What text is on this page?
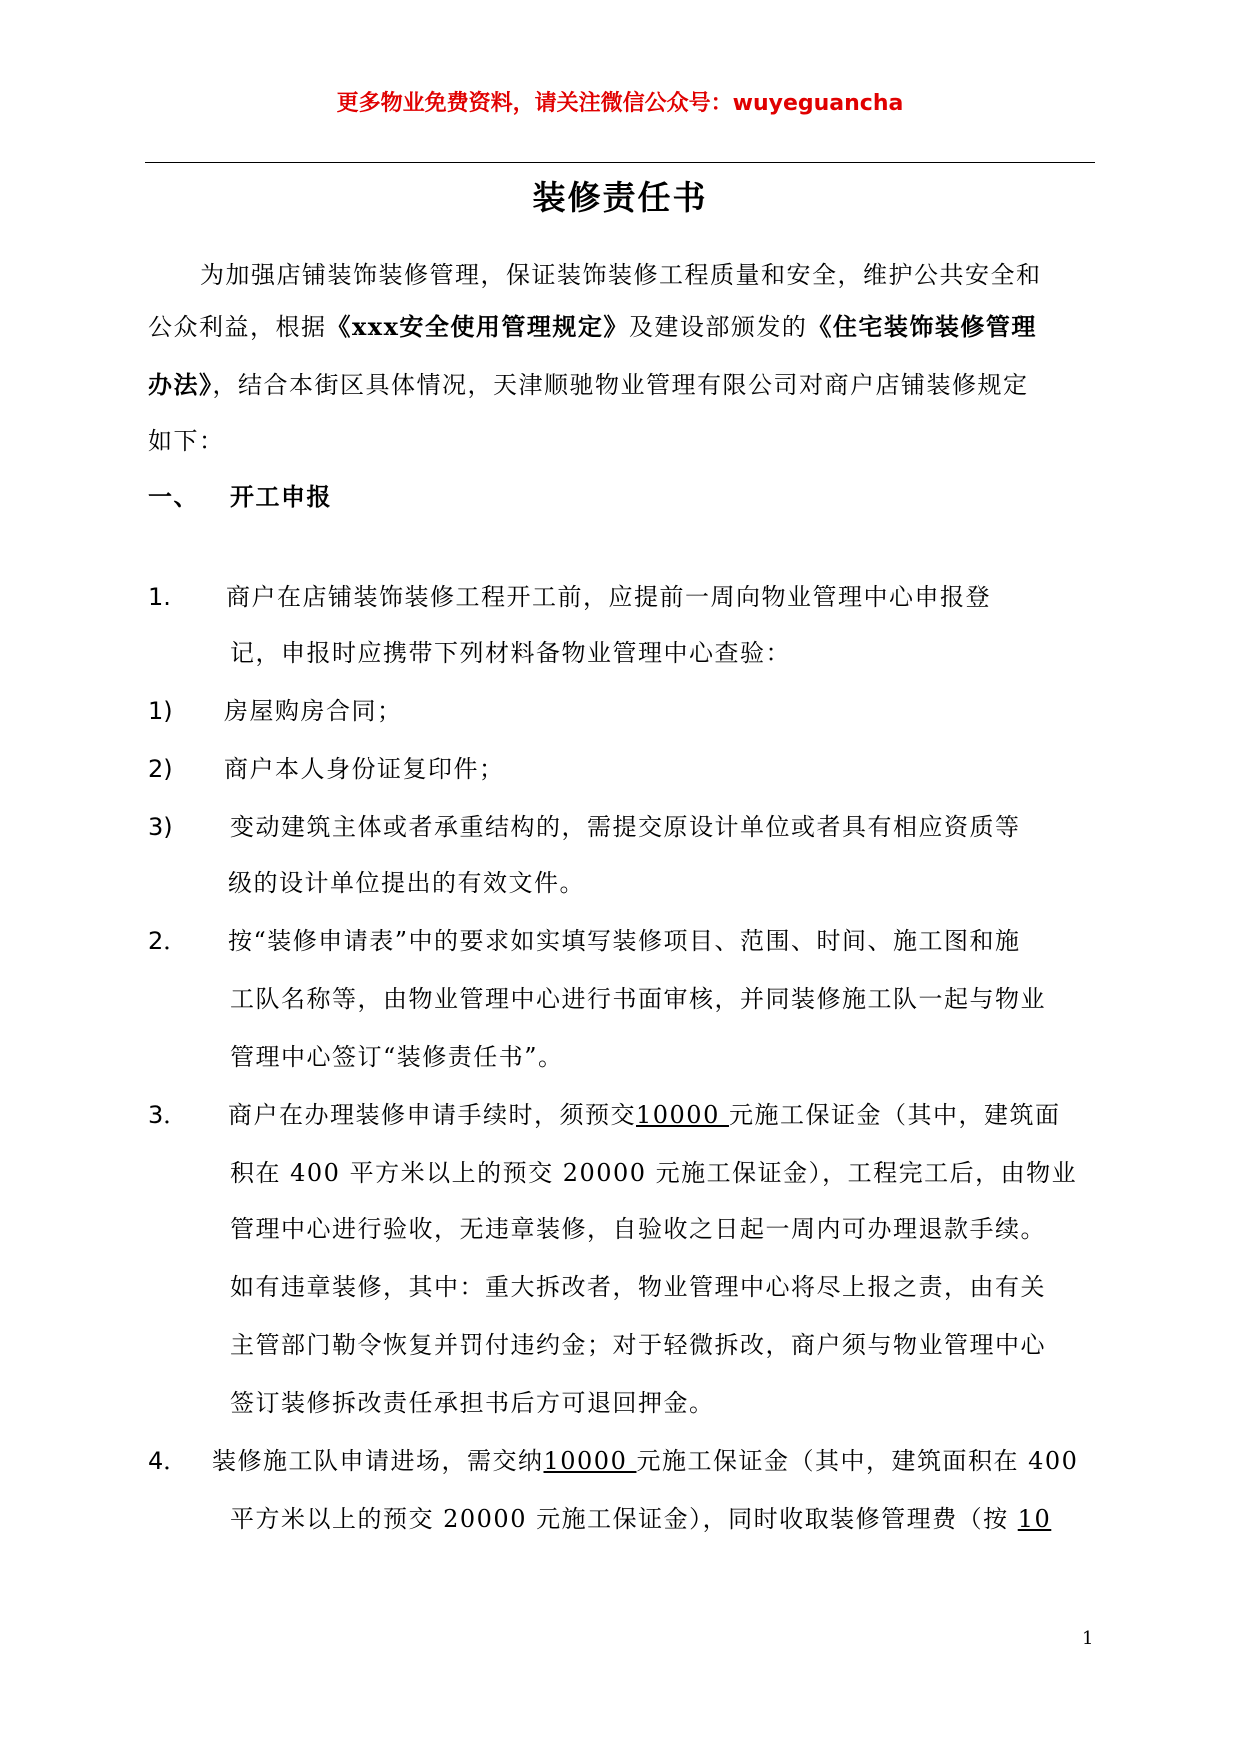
更多物业免费资料，请关注微信公众号：wuyeguancha
装修责任书
为加强店铺装饰装修管理，保证装饰装修工程质量和安全，维护公共安全和
公众利益，根据《xxx安全使用管理规定》及建设部颁发的《住宅装饰装修管理
办法》，结合本街区具体情况，天津顺驰物业管理有限公司对商户店铺装修规定
如下：
一、 开工申报
1. 商户在店铺装饰装修工程开工前，应提前一周向物业管理中心申报登
记，申报时应携带下列材料备物业管理中心查验：
1) 房屋购房合同；
2) 商户本人身份证复印件；
3) 变动建筑主体或者承重结构的，需提交原设计单位或者具有相应资质等
级的设计单位提出的有效文件。
2． 按“装修申请表”中的要求如实填写装修项目、范围、时间、施工图和施
工队名称等，由物业管理中心进行书面审核，并同装修施工队一起与物业
管理中心签订“装修责任书”。
3． 商户在办理装修申请手续时，须预交10000 元施工保证金（其中，建筑面
积在 400 平方米以上的预交 20000 元施工保证金），工程完工后，由物业
管理中心进行验收，无违章装修，自验收之日起一周内可办理退款手续。
如有违章装修，其中：重大拆改者，物业管理中心将尽上报之责，由有关
主管部门勒令恢复并罚付违约金；对于轻微拆改，商户须与物业管理中心
签订装修拆改责任承担书后方可退回押金。
4． 装修施工队申请进场，需交纳10000 元施工保证金（其中，建筑面积在 400
平方米以上的预交 20000 元施工保证金），同时收取装修管理费（按 10
1
